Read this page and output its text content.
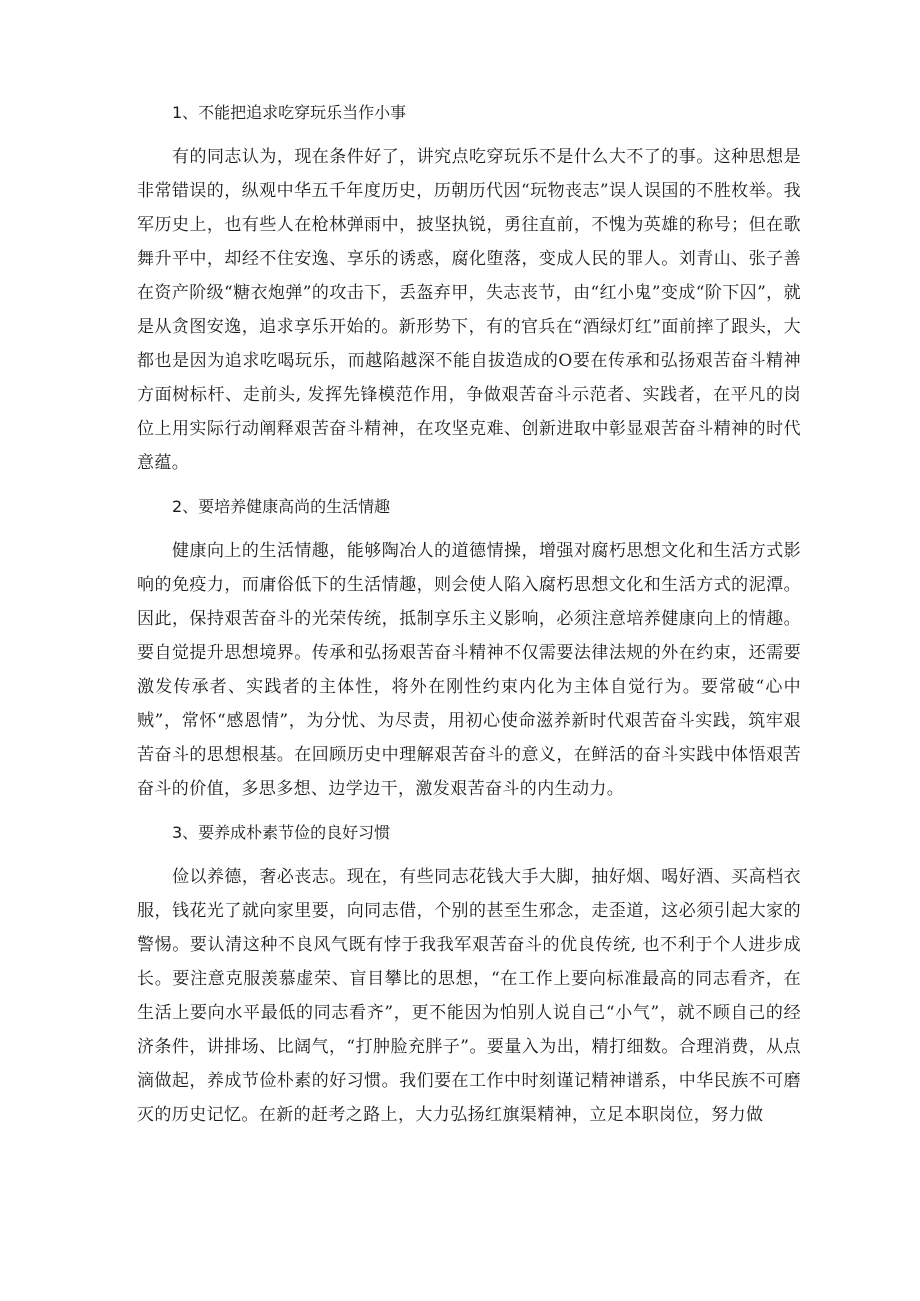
1、不能把追求吃穿玩乐当作小事

有的同志认为，现在条件好了，讲究点吃穿玩乐不是什么大不了的事。这种思想是非常错误的，纵观中华五千年度历史，历朝历代因“玩物丧志”误人误国的不胜枚举。我军历史上，也有些人在枪林弹雨中，披坚执锐，勇往直前，不愧为英雄的称号；但在歌舞升平中，却经不住安逸、享乐的诱惑，腐化堕落，变成人民的罪人。刘青山、张子善在资产阶级“糖衣炮弹”的攻击下，丢盔弃甲，失志丧节，由“红小鬼”变成“阶下囚”，就是从贪图安逸，追求享乐开始的。新形势下，有的官兵在“酒绿灯红”面前摔了跟头，大都也是因为追求吃喝玩乐，而越陷越深不能自拔造成的O要在传承和弘扬艰苦奋斗精神方面树标杆、走前头, 发挥先锋模范作用，争做艰苦奋斗示范者、实践者，在平凡的岗位上用实际行动阐释艰苦奋斗精神，在攻坚克难、创新进取中彰显艰苦奋斗精神的时代意蕴。

2、要培养健康高尚的生活情趣

健康向上的生活情趣，能够陶冶人的道德情操，增强对腐朽思想文化和生活方式影响的免疫力，而庸俗低下的生活情趣，则会使人陷入腐朽思想文化和生活方式的泥潭。因此，保持艰苦奋斗的光荣传统，抵制享乐主义影响，必须注意培养健康向上的情趣。要自觉提升思想境界。传承和弘扬艰苦奋斗精神不仅需要法律法规的外在约束，还需要激发传承者、实践者的主体性，将外在刚性约束内化为主体自觉行为。要常破“心中贼”，常怀“感恩情”，为分忧、为尽责，用初心使命滋养新时代艰苦奋斗实践，筑牢艰苦奋斗的思想根基。在回顾历史中理解艰苦奋斗的意义，在鲜活的奋斗实践中体悟艰苦奋斗的价值，多思多想、边学边干，激发艰苦奋斗的内生动力。

3、要养成朴素节俭的良好习惯

俭以养德，奢必丧志。现在，有些同志花钱大手大脚，抽好烟、喝好酒、买高档衣服，钱花光了就向家里要，向同志借，个别的甚至生邪念，走歪道，这必须引起大家的警惕。要认清这种不良风气既有悖于我我军艰苦奋斗的优良传统, 也不利于个人进步成长。要注意克服羡慕虚荣、盲目攀比的思想，“在工作上要向标准最高的同志看齐，在生活上要向水平最低的同志看齐”，更不能因为怕别人说自己“小气”，就不顾自己的经济条件，讲排场、比阔气，“打肿脸充胖子”。要量入为出，精打细数。合理消费，从点滴做起，养成节俭朴素的好习惯。我们要在工作中时刻谨记精神谱系，中华民族不可磨灭的历史记忆。在新的赶考之路上，大力弘扬红旗渠精神，立足本职岗位，努力做
